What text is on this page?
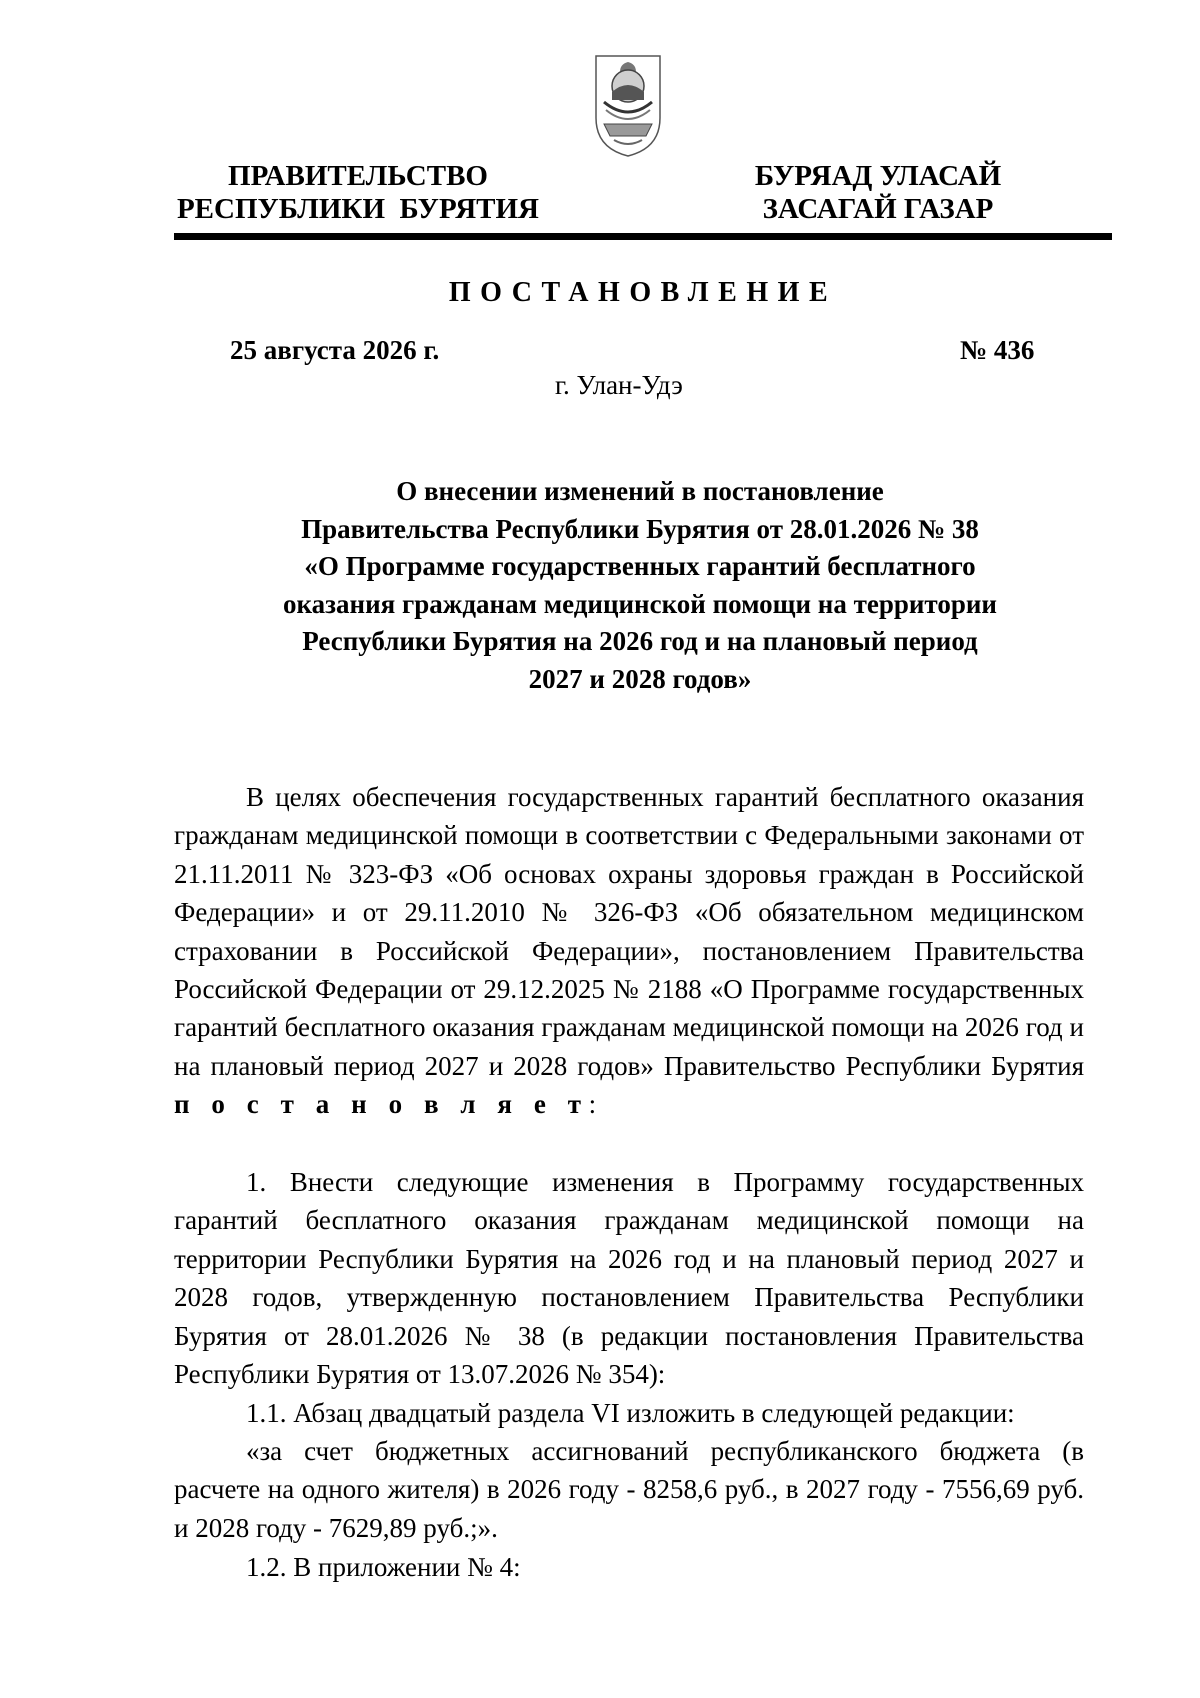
ПРАВИТЕЛЬСТВО
РЕСПУБЛИКИ  БУРЯТИЯ
БУРЯАД УЛАСАЙ
ЗАСАГАЙ ГАЗАР
ПОСТАНОВЛЕНИЕ
25 августа 2026 г.	№ 436
г. Улан-Удэ
О внесении изменений в постановление
Правительства Республики Бурятия от 28.01.2026 № 38
«О Программе государственных гарантий бесплатного
оказания гражданам медицинской помощи на территории
Республики Бурятия на 2026 год и на плановый период
2027 и 2028 годов»
В целях обеспечения государственных гарантий бесплатного оказания гражданам медицинской помощи в соответствии с Федеральными законами от 21.11.2011 № 323-ФЗ «Об основах охраны здоровья граждан в Российской Федерации» и от 29.11.2010 № 326-ФЗ «Об обязательном медицинском страховании в Российской Федерации», постановлением Правительства Российской Федерации от 29.12.2025 № 2188 «О Программе государственных гарантий бесплатного оказания гражданам медицинской помощи на 2026 год и на плановый период 2027 и 2028 годов» Правительство Республики Бурятия п о с т а н о в л я е т:
1. Внести следующие изменения в Программу государственных гарантий бесплатного оказания гражданам медицинской помощи на территории Республики Бурятия на 2026 год и на плановый период 2027 и 2028 годов, утвержденную постановлением Правительства Республики Бурятия от 28.01.2026 № 38 (в редакции постановления Правительства Республики Бурятия от 13.07.2026 № 354):
1.1. Абзац двадцатый раздела VI изложить в следующей редакции:
«за счет бюджетных ассигнований республиканского бюджета (в расчете на одного жителя) в 2026 году - 8258,6 руб., в 2027 году - 7556,69 руб. и 2028 году - 7629,89 руб.;».
1.2. В приложении № 4:
